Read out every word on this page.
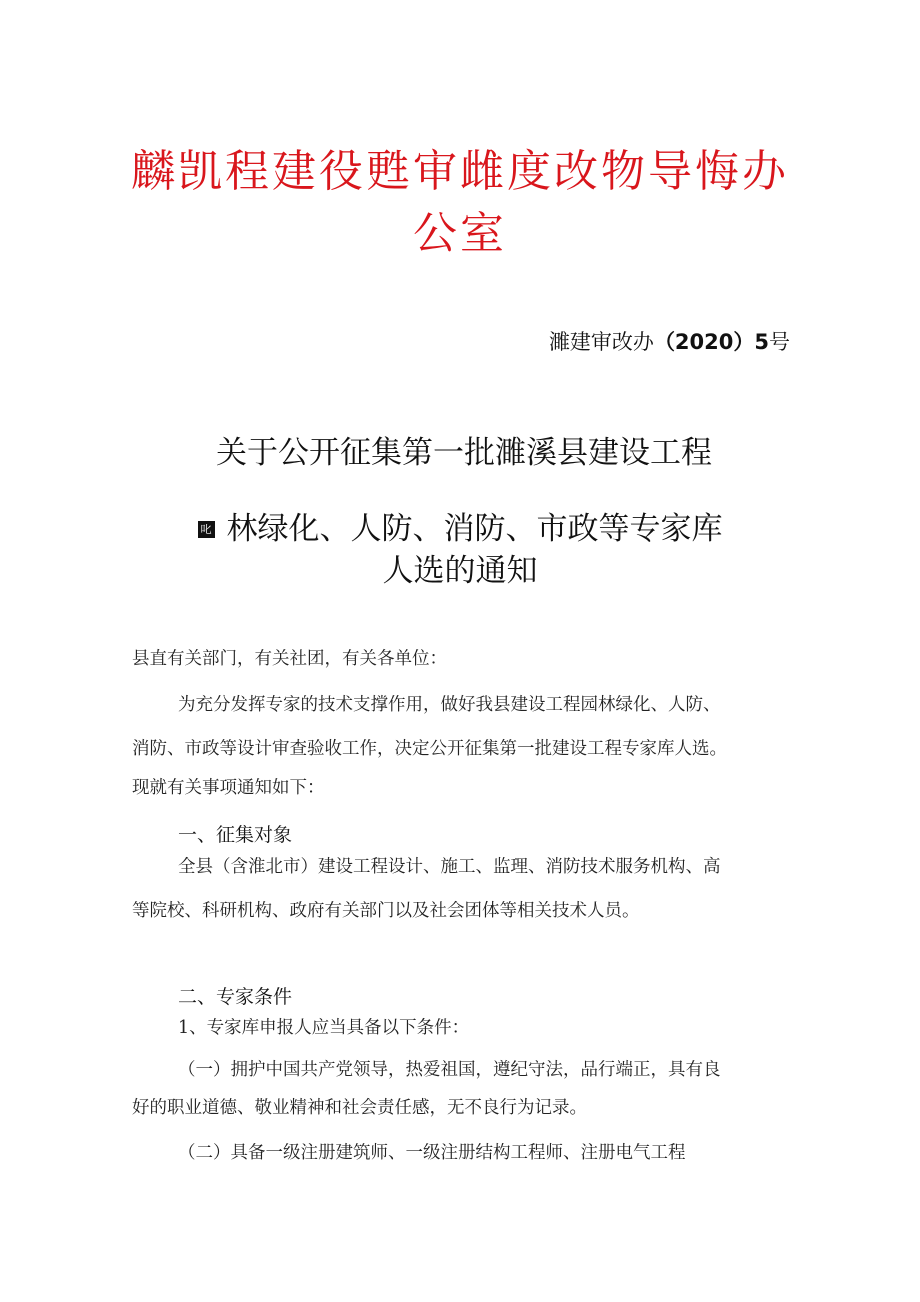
麟凯程建役甦审雌度改物导悔办
公室
濉建审改办（2020）5号
关于公开征集第一批濉溪县建设工程
叱 林绿化、人防、消防、市政等专家库
人选的通知
县直有关部门，有关社团，有关各单位：
为充分发挥专家的技术支撑作用，做好我县建设工程园林绿化、人防、
消防、市政等设计审查验收工作，决定公开征集第一批建设工程专家库人选。
现就有关事项通知如下：
一、征集对象
全县（含淮北市）建设工程设计、施工、监理、消防技术服务机构、高
等院校、科研机构、政府有关部门以及社会团体等相关技术人员。
二、专家条件
1、专家库申报人应当具备以下条件：
（一）拥护中国共产党领导，热爱祖国，遵纪守法，品行端正，具有良
好的职业道德、敬业精神和社会责任感，无不良行为记录。
（二）具备一级注册建筑师、一级注册结构工程师、注册电气工程
